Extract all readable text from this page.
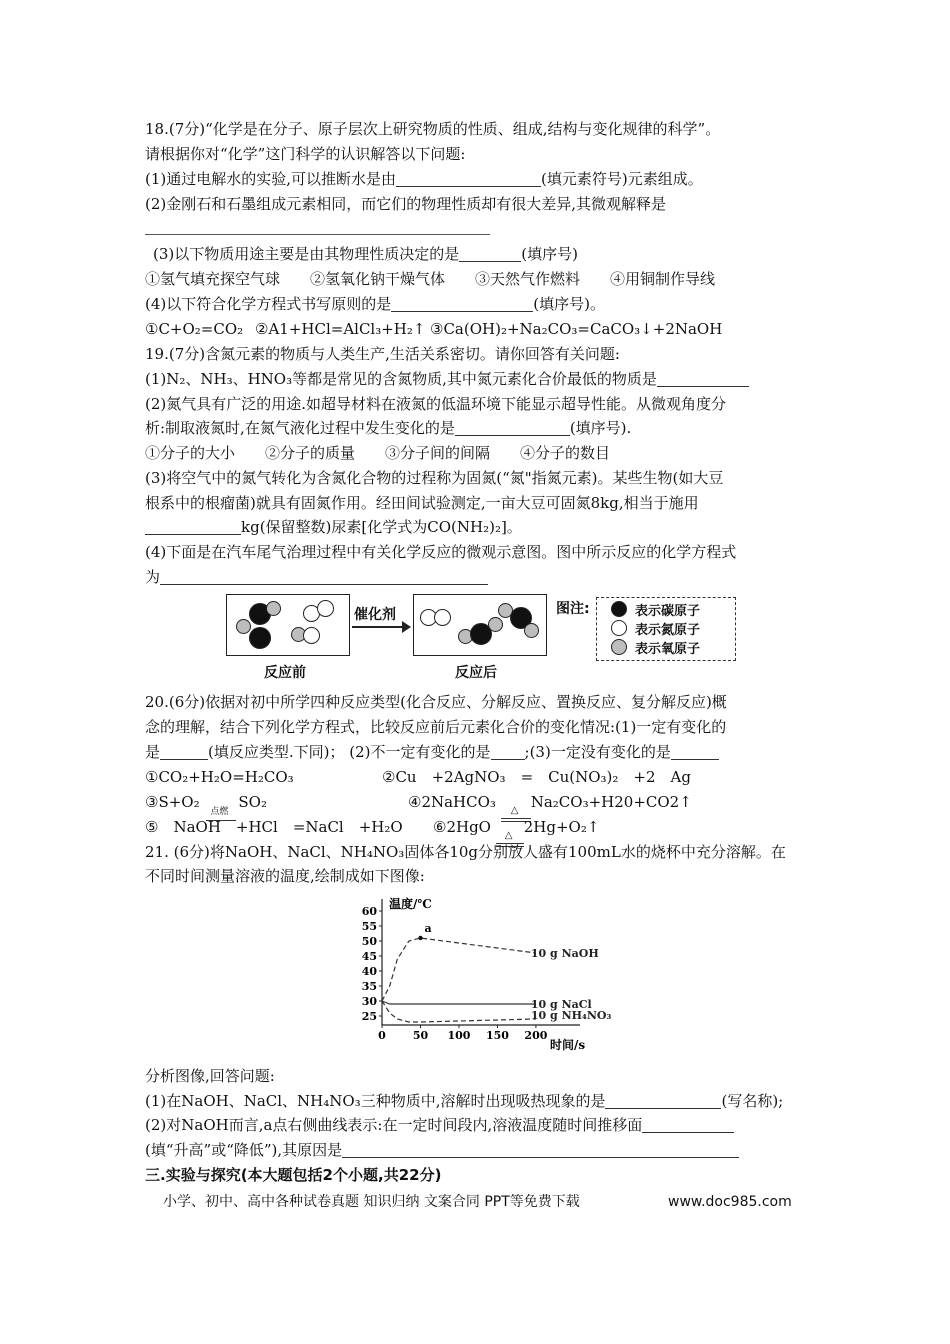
18.(7分)“化学是在分子、原子层次上研究物质的性质、组成,结构与变化规律的科学”。
请根据你对“化学”这门科学的认识解答以下问题:
(1)通过电解水的实验,可以推断水是由	(填元素符号)元素组成。
(2)金刚石和石墨组成元素相同，而它们的物理性质却有很大差异,其微观解释是
(3)以下物质用途主要是由其物理性质决定的是	(填序号)
①氢气填充探空气球　　②氢氧化钠干燥气体　　③天然气作燃料　　④用铜制作导线
(4)以下符合化学方程式书写原则的是	(填序号)。
①C+O₂=CO₂ ②A1+HCl=AlCl₃+H₂↑ ③Ca(OH)₂+Na₂CO₃=CaCO₃↓+2NaOH
19.(7分)含氮元素的物质与人类生产,生活关系密切。请你回答有关问题:
(1)N₂、NH₃、HNO₃等都是常见的含氮物质,其中氮元素化合价最低的物质是
(2)氮气具有广泛的用途.如超导材料在液氮的低温环境下能显示超导性能。从微观角度分
析:制取液氮时,在氮气液化过程中发生变化的是	(填序号).
①分子的大小　　②分子的质量　　③分子间的间隔　　④分子的数目
(3)将空气中的氮气转化为含氮化合物的过程称为固氮(“氮"指氮元素)。某些生物(如大豆
根系中的根瘤菌)就具有固氮作用。经田间试验测定,一亩大豆可固氮8kg,相当于施用
kg(保留整数)尿素[化学式为CO(NH₂)₂]。
(4)下面是在汽车尾气治理过程中有关化学反应的微观示意图。图中所示反应的化学方程式
为
催化剂
反应前	反应后
图注:	表示碳原子
表示氮原子
表示氧原子
20.(6分)依据对初中所学四种反应类型(化合反应、分解反应、置换反应、复分解反应)概
念的理解，结合下列化学方程式，比较反应前后元素化合价的变化情况:(1)一定有变化的
是	(填反应类型.下同)； (2)不一定有变化的是 ;(3)一定没有变化的是
①CO₂+H₂O=H₂CO₃	②Cu　+2AgNO₃　=　Cu(NO₃)₂　+2　Ag
③S+O₂
点燃
SO₂	④2NaHCO₃ △ Na₂CO₃+H20+CO2↑
⑤　NaOH　+HCl　=NaCl　+H₂O ⑥2HgO △ 2Hg+O₂↑
21. (6分)将NaOH、NaCl、NH₄NO₃固体各10g分别放人盛有100mL水的烧杯中充分溶解。在
不同时间测量溶液的温度,绘制成如下图像:
温度/℃
时间/s
25
30
35
40
45
50
55
60
0 50 100 150 200
10 g NaOH
10 g NaCl
10 g NH₄NO₃
a
分析图像,回答问题:
(1)在NaOH、NaCl、NH₄NO₃三种物质中,溶解时出现吸热现象的是	(写名称);
(2)对NaOH而言,a点右侧曲线表示:在一定时间段内,溶液温度随时间推移面
(填“升高”或“降低”),其原因是
三.实验与探究(本大题包括2个小题,共22分)
小学、初中、高中各种试卷真题 知识归纳 文案合同 PPT等免费下载	www.doc985.com
